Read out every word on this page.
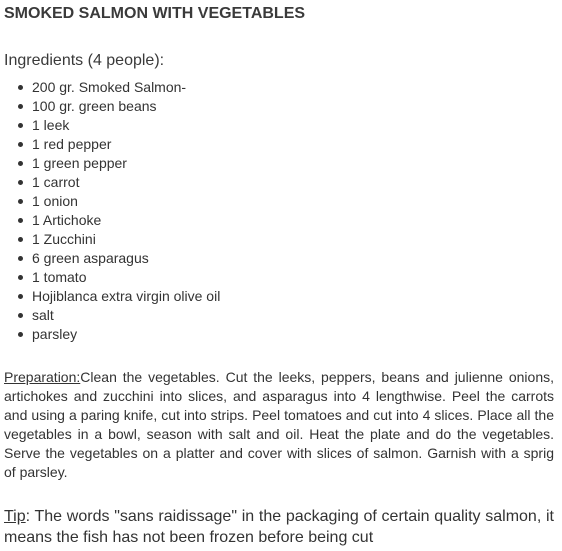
SMOKED SALMON WITH VEGETABLES
Ingredients (4 people):
200 gr. Smoked Salmon-
100 gr. green beans
1 leek
1 red pepper
1 green pepper
1 carrot
1 onion
1 Artichoke
1 Zucchini
6 green asparagus
1 tomato
Hojiblanca extra virgin olive oil
salt
parsley

Preparation:Clean the vegetables. Cut the leeks, peppers, beans and julienne onions, artichokes and zucchini into slices, and asparagus into 4 lengthwise. Peel the carrots and using a paring knife, cut into strips. Peel tomatoes and cut into 4 slices. Place all the vegetables in a bowl, season with salt and oil. Heat the plate and do the vegetables. Serve the vegetables on a platter and cover with slices of salmon. Garnish with a sprig of parsley.

Tip: The words "sans raidissage" in the packaging of certain quality salmon, it means the fish has not been frozen before being cut
